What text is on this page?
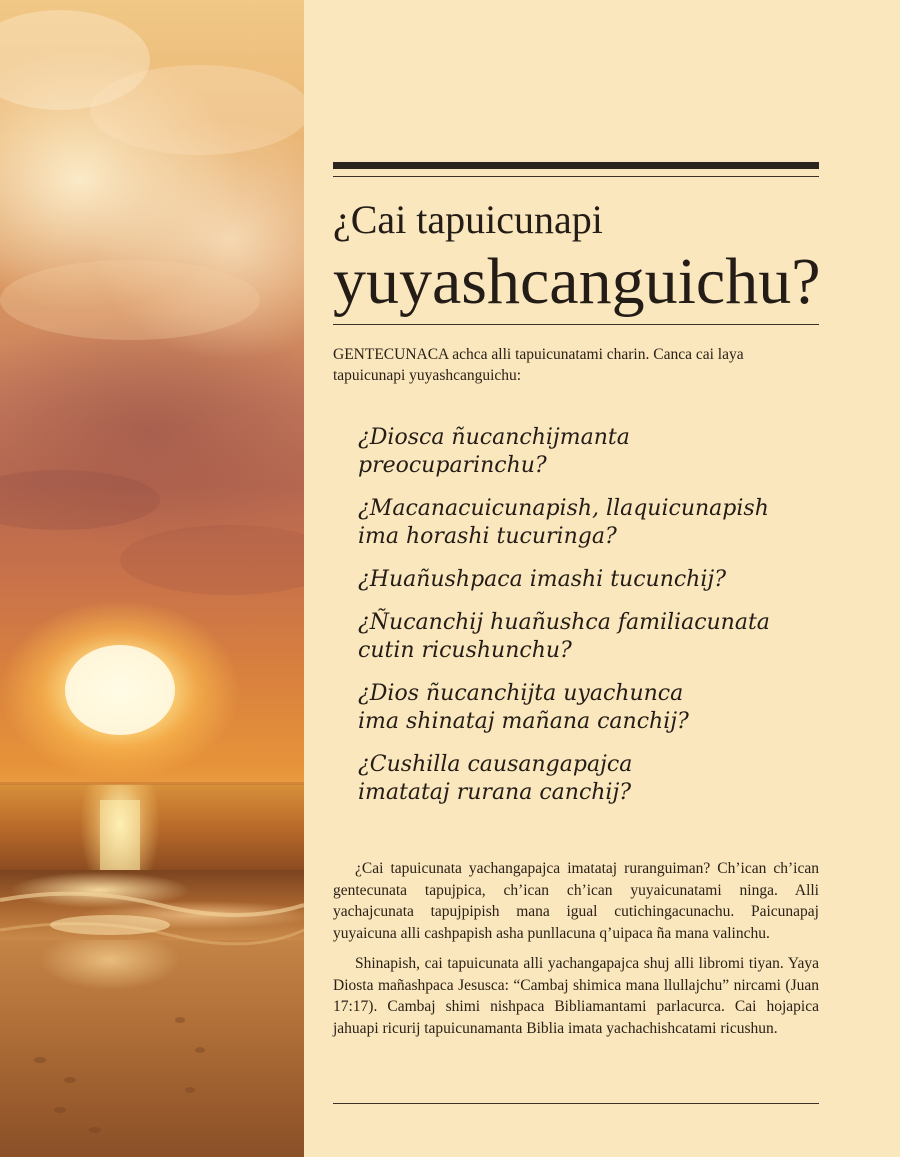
¿Cai tapuicunapi
yuyashcanguichu?
GENTECUNACA achca alli tapuicunatami charin. Canca cai laya tapuicunapi yuyashcanguichu:
¿Diosca ñucanchijmanta
preocuparinchu?
¿Macanacuicunapish, llaquicunapish
ima horashi tucuringa?
¿Huañushpaca imashi tucunchij?
¿Ñucanchij huañushca familiacunata
cutin ricushunchu?
¿Dios ñucanchijta uyachunca
ima shinataj mañana canchij?
¿Cushilla causangapajca
imatataj rurana canchij?

¿Cai tapuicunata yachangapajca imatataj ruranguiman? Ch’ican ch’ican gentecunata tapujpica, ch’ican ch’ican yuyaicunatami ninga. Alli yachajcunata tapujpipish mana igual cutichingacunachu. Paicunapaj yuyaicuna alli cashpapish asha punllacuna q’uipaca ña mana valinchu.

Shinapish, cai tapuicunata alli yachangapajca shuj alli libromi tiyan. Yaya Diosta mañashpaca Jesusca: “Cambaj shimica mana llullajchu” nircami (Juan 17:17). Cambaj shimi nishpaca Bibliamantami parlacurca. Cai hojapica jahuapi ricurij tapuicunamanta Biblia imata yachachishcatami ricushun.
